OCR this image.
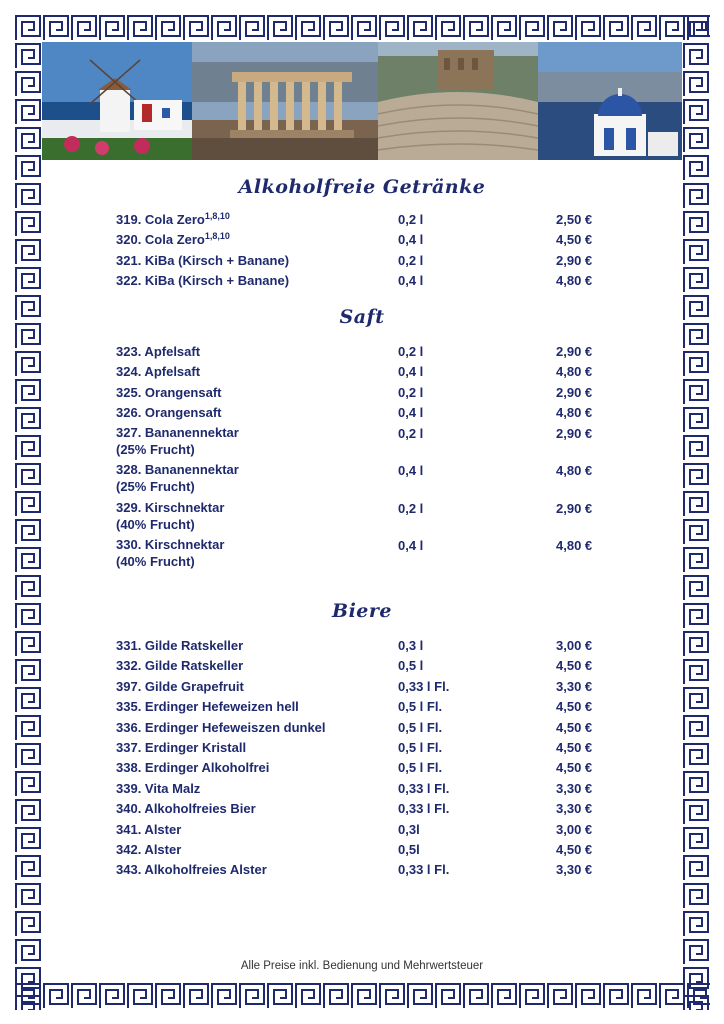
Alkoholfreie Getränke
319. Cola Zero$^{1,8,10}$	0,2 l	2,50 €
320. Cola Zero$^{1,8,10}$	0,4 l	4,50 €
321. KiBa (Kirsch + Banane)	0,2 l	2,90 €
322. KiBa (Kirsch + Banane)	0,4 l	4,80 €
Saft
323. Apfelsaft	0,2 l	2,90 €
324. Apfelsaft	0,4 l	4,80 €
325. Orangensaft	0,2 l	2,90 €
326. Orangensaft	0,4 l	4,80 €
327. Bananennektar
(25% Frucht)
0,2 l	2,90 €
328. Bananennektar
(25% Frucht)
0,4 l	4,80 €
329. Kirschnektar
(40% Frucht)
0,2 l	2,90 €
330. Kirschnektar
(40% Frucht)
0,4 l	4,80 €
Biere
331. Gilde Ratskeller	0,3 l	3,00 €
332. Gilde Ratskeller	0,5 l	4,50 €
397. Gilde Grapefruit	0,33 l Fl.	3,30 €
335. Erdinger Hefeweizen hell	0,5 l Fl.	4,50 €
336. Erdinger Hefeweiszen dunkel	0,5 l Fl.	4,50 €
337. Erdinger Kristall	0,5 l Fl.	4,50 €
338. Erdinger Alkoholfrei	0,5 l Fl.	4,50 €
339. Vita Malz	0,33 l Fl.	3,30 €
340. Alkoholfreies Bier	0,33 l Fl.	3,30 €
341. Alster	0,3l	3,00 €
342. Alster	0,5l	4,50 €
343. Alkoholfreies Alster	0,33 l Fl.	3,30 €
Alle Preise inkl. Bedienung und Mehrwertsteuer
